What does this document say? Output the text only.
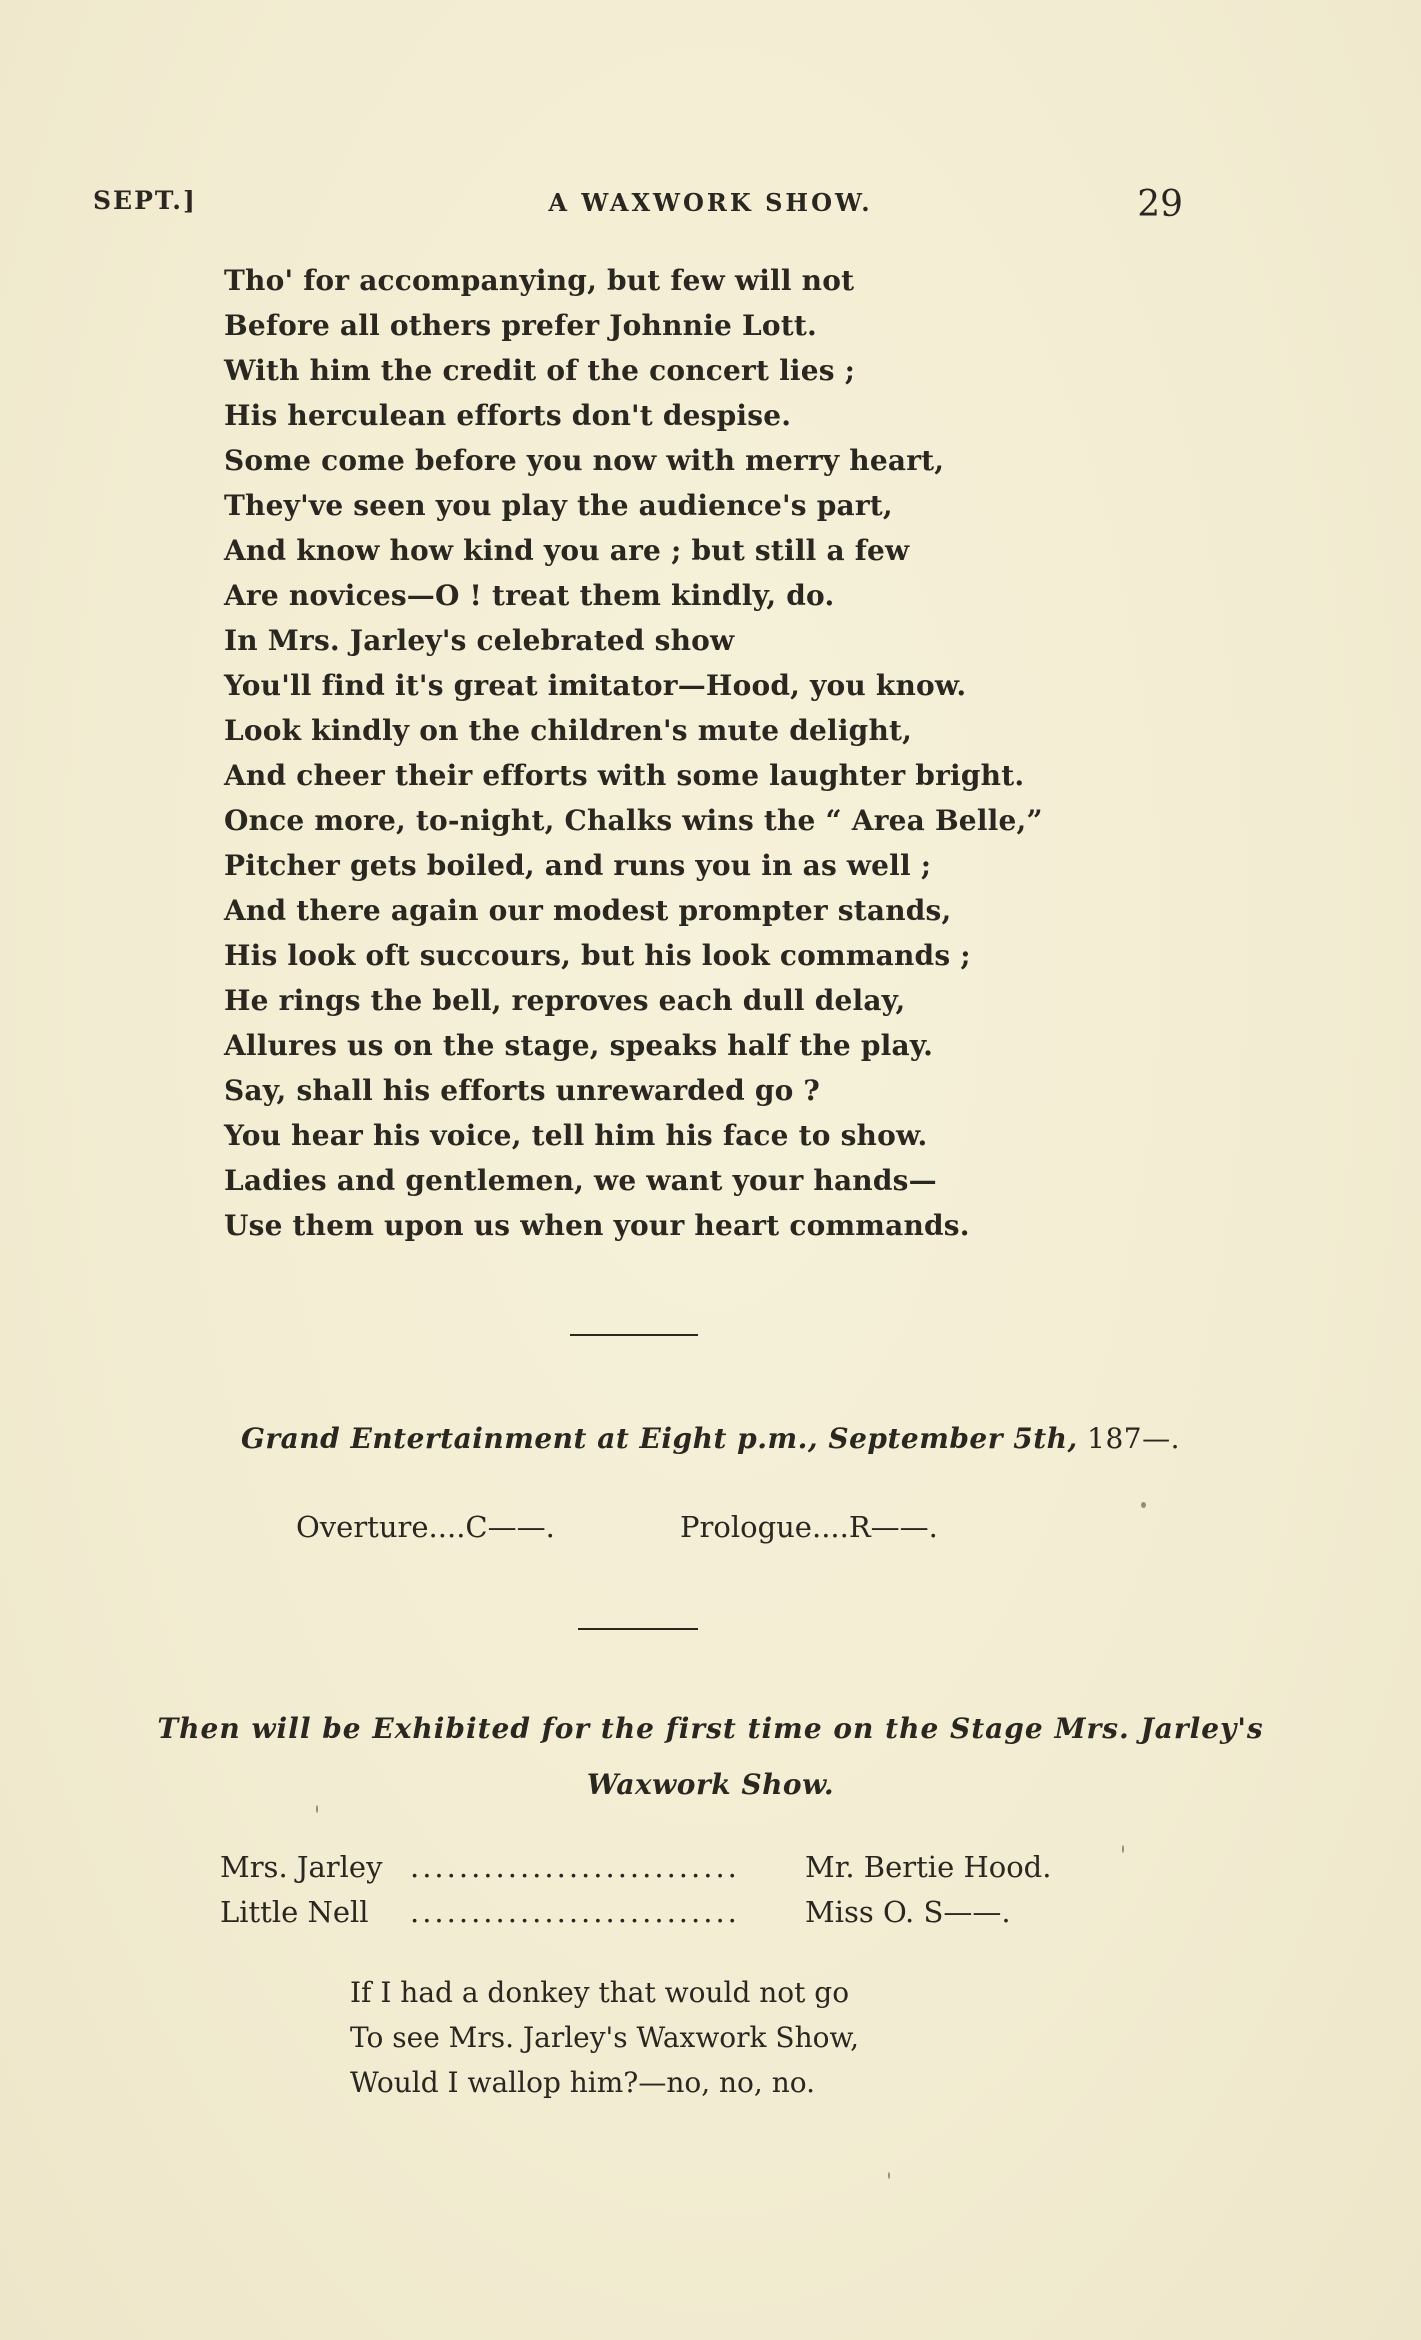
SEPT.]	A WAXWORK SHOW.	29
Tho' for accompanying, but few will not
Before all others prefer Johnnie Lott.
With him the credit of the concert lies ;
His herculean efforts don't despise.
Some come before you now with merry heart,
They've seen you play the audience's part,
And know how kind you are ; but still a few
Are novices—O ! treat them kindly, do.
In Mrs. Jarley's celebrated show
You'll find it's great imitator—Hood, you know.
Look kindly on the children's mute delight,
And cheer their efforts with some laughter bright.
Once more, to-night, Chalks wins the “ Area Belle,”
Pitcher gets boiled, and runs you in as well ;
And there again our modest prompter stands,
His look oft succours, but his look commands ;
He rings the bell, reproves each dull delay,
Allures us on the stage, speaks half the play.
Say, shall his efforts unrewarded go ?
You hear his voice, tell him his face to show.
Ladies and gentlemen, we want your hands—
Use them upon us when your heart commands.
Grand Entertainment at Eight p.m., September 5th, 187—.
Overture....C——.	Prologue....R——.
Then will be Exhibited for the first time on the Stage Mrs. Jarley's
Waxwork Show.
Mrs. Jarley ........................... Mr. Bertie Hood.
Little Nell ........................... Miss O. S——.
If I had a donkey that would not go
To see Mrs. Jarley's Waxwork Show,
Would I wallop him?—no, no, no.
